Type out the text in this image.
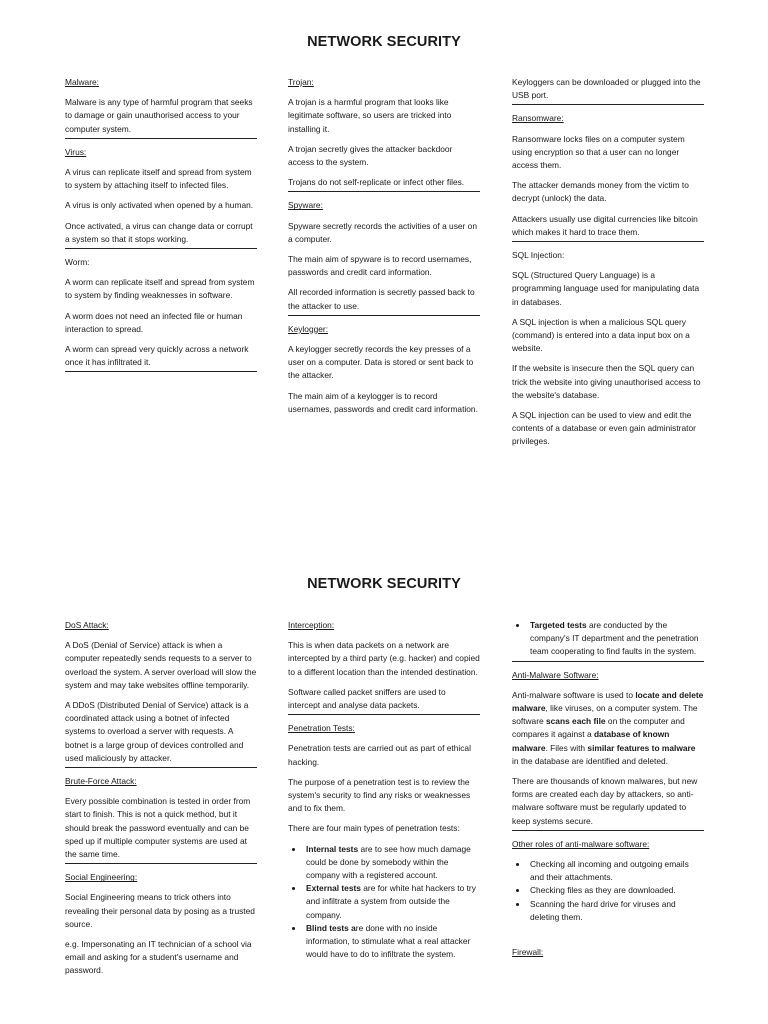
NETWORK SECURITY
Malware:
Malware is any type of harmful program that seeks to damage or gain unauthorised access to your computer system.
Virus:
A virus can replicate itself and spread from system to system by attaching itself to infected files.
A virus is only activated when opened by a human.
Once activated, a virus can change data or corrupt a system so that it stops working.
Worm:
A worm can replicate itself and spread from system to system by finding weaknesses in software.
A worm does not need an infected file or human interaction to spread.
A worm can spread very quickly across a network once it has infiltrated it.
Trojan:
A trojan is a harmful program that looks like legitimate software, so users are tricked into installing it.
A trojan secretly gives the attacker backdoor access to the system.
Trojans do not self-replicate or infect other files.
Spyware:
Spyware secretly records the activities of a user on a computer.
The main aim of spyware is to record usernames, passwords and credit card information.
All recorded information is secretly passed back to the attacker to use.
Keylogger:
A keylogger secretly records the key presses of a user on a computer. Data is stored or sent back to the attacker.
The main aim of a keylogger is to record usernames, passwords and credit card information.
Keyloggers can be downloaded or plugged into the USB port.
Ransomware:
Ransomware locks files on a computer system using encryption so that a user can no longer access them.
The attacker demands money from the victim to decrypt (unlock) the data.
Attackers usually use digital currencies like bitcoin which makes it hard to trace them.
SQL Injection:
SQL (Structured Query Language) is a programming language used for manipulating data in databases.
A SQL injection is when a malicious SQL query (command) is entered into a data input box on a website.
If the website is insecure then the SQL query can trick the website into giving unauthorised access to the website's database.
A SQL injection can be used to view and edit the contents of a database or even gain administrator privileges.
NETWORK SECURITY
DoS Attack:
A DoS (Denial of Service) attack is when a computer repeatedly sends requests to a server to overload the system. A server overload will slow the system and may take websites offline temporarily.
A DDoS (Distributed Denial of Service) attack is a coordinated attack using a botnet of infected systems to overload a server with requests. A botnet is a large group of devices controlled and used maliciously by attacker.
Brute-Force Attack:
Every possible combination is tested in order from start to finish. This is not a quick method, but it should break the password eventually and can be sped up if multiple computer systems are used at the same time.
Social Engineering:
Social Engineering means to trick others into revealing their personal data by posing as a trusted source.
e.g. Impersonating an IT technician of a school via email and asking for a student's username and password.
Interception:
This is when data packets on a network are intercepted by a third party (e.g. hacker) and copied to a different location than the intended destination.
Software called packet sniffers are used to intercept and analyse data packets.
Penetration Tests:
Penetration tests are carried out as part of ethical hacking.
The purpose of a penetration test is to review the system's security to find any risks or weaknesses and to fix them.
There are four main types of penetration tests:
• Internal tests are to see how much damage could be done by somebody within the company with a registered account.
• External tests are for white hat hackers to try and infiltrate a system from outside the company.
• Blind tests are done with no inside information, to stimulate what a real attacker would have to do to infiltrate the system.
• Targeted tests are conducted by the company's IT department and the penetration team cooperating to find faults in the system.
Anti-Malware Software:
Anti-malware software is used to locate and delete malware, like viruses, on a computer system. The software scans each file on the computer and compares it against a database of known malware. Files with similar features to malware in the database are identified and deleted.
There are thousands of known malwares, but new forms are created each day by attackers, so anti-malware software must be regularly updated to keep systems secure.
Other roles of anti-malware software:
• Checking all incoming and outgoing emails and their attachments.
• Checking files as they are downloaded.
• Scanning the hard drive for viruses and deleting them.
Firewall:
